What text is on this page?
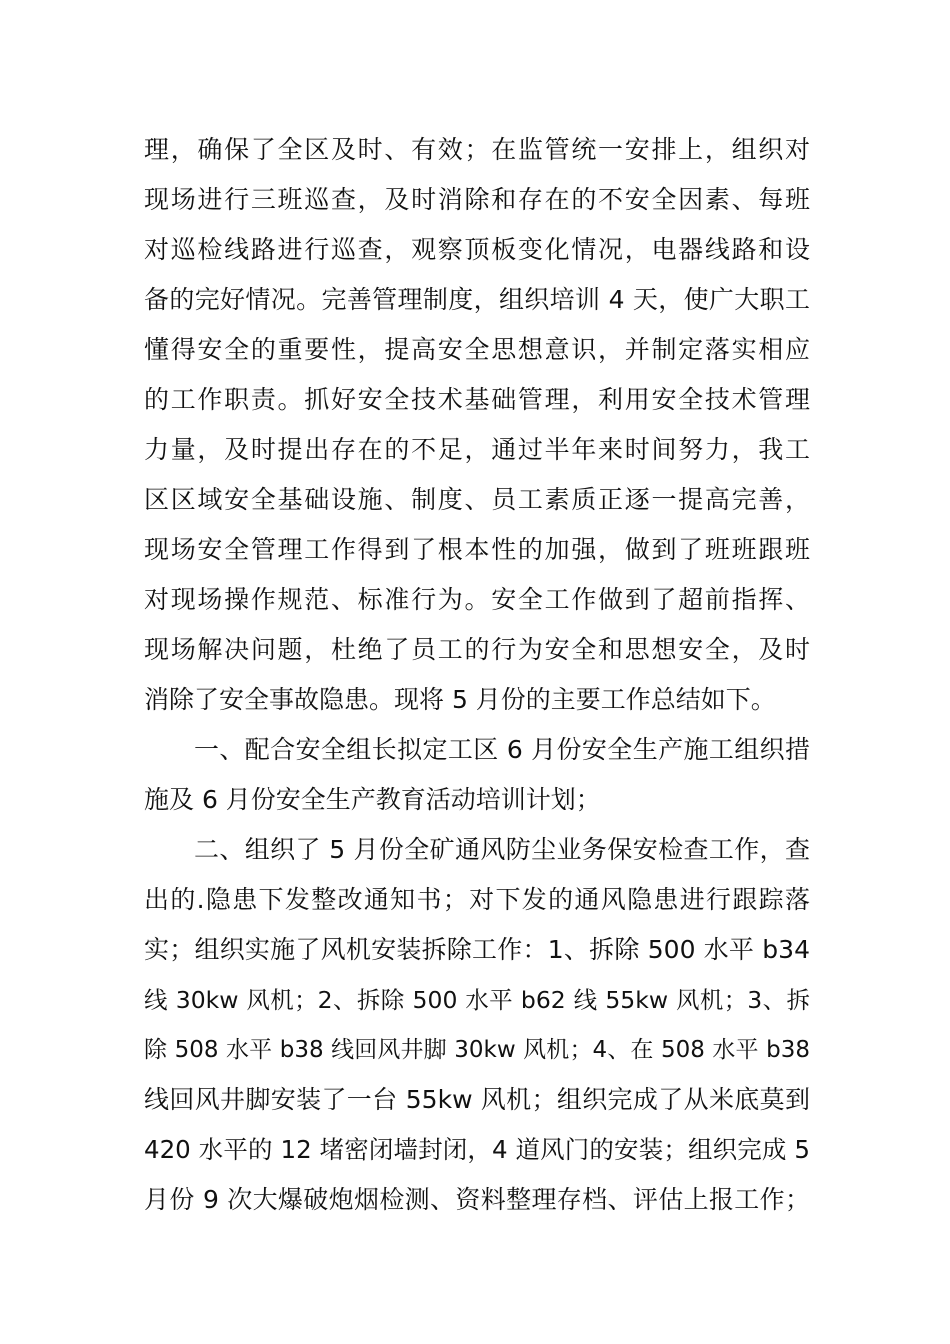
理，确保了全区及时、有效；在监管统一安排上，组织对
现场进行三班巡查，及时消除和存在的不安全因素、每班
对巡检线路进行巡查，观察顶板变化情况，电器线路和设
备的完好情况。完善管理制度，组织培训 4 天，使广大职工
懂得安全的重要性，提高安全思想意识，并制定落实相应
的工作职责。抓好安全技术基础管理，利用安全技术管理
力量，及时提出存在的不足，通过半年来时间努力，我工
区区域安全基础设施、制度、员工素质正逐一提高完善，
现场安全管理工作得到了根本性的加强，做到了班班跟班
对现场操作规范、标准行为。安全工作做到了超前指挥、
现场解决问题，杜绝了员工的行为安全和思想安全，及时
消除了安全事故隐患。现将 5 月份的主要工作总结如下。
一、配合安全组长拟定工区 6 月份安全生产施工组织措
施及 6 月份安全生产教育活动培训计划；
二、组织了 5 月份全矿通风防尘业务保安检查工作，查
出的.隐患下发整改通知书；对下发的通风隐患进行跟踪落
实；组织实施了风机安装拆除工作：1、拆除 500 水平 b34
线 30kw 风机；2、拆除 500 水平 b62 线 55kw 风机；3、拆
除 508 水平 b38 线回风井脚 30kw 风机；4、在 508 水平 b38
线回风井脚安装了一台 55kw 风机；组织完成了从米底莫到
420 水平的 12 堵密闭墙封闭，4 道风门的安装；组织完成 5
月份 9 次大爆破炮烟检测、资料整理存档、评估上报工作；
